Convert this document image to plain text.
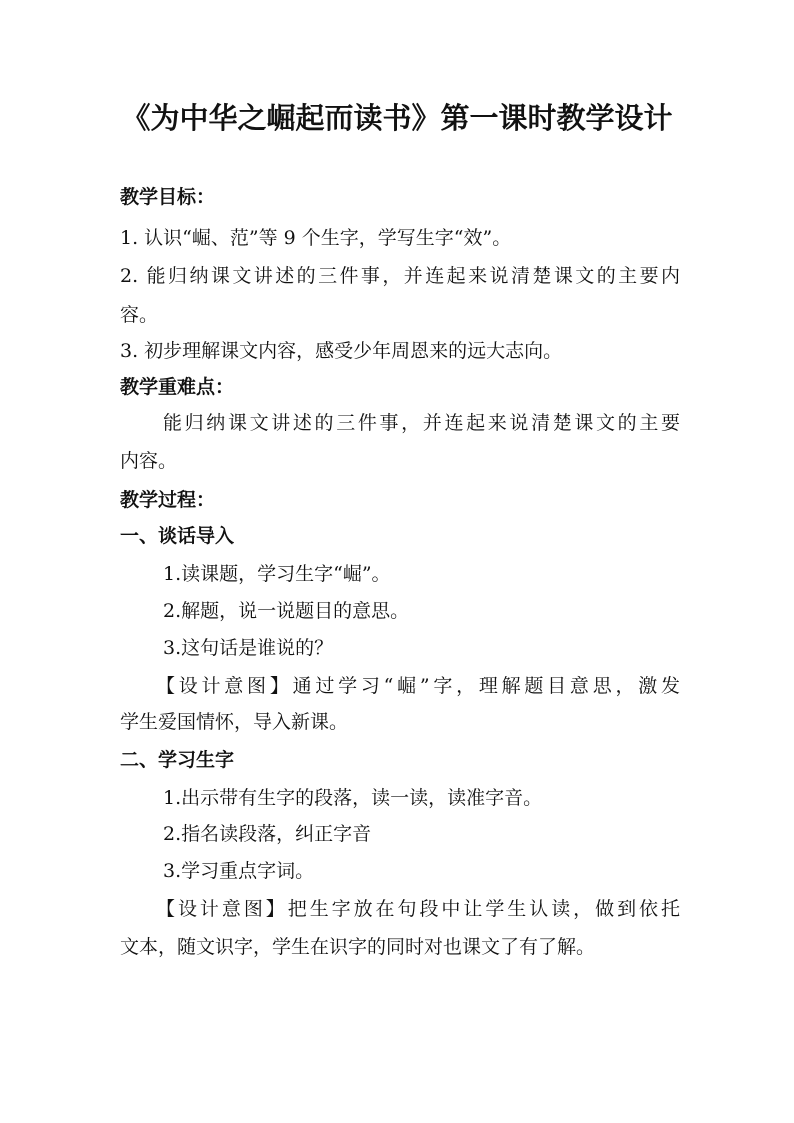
《为中华之崛起而读书》第一课时教学设计
教学目标：
1. 认识“崛、范”等 9 个生字，学写生字“效”。
2. 能归纳课文讲述的三件事，并连起来说清楚课文的主要内
容。
3. 初步理解课文内容，感受少年周恩来的远大志向。
教学重难点：
能归纳课文讲述的三件事，并连起来说清楚课文的主要
内容。
教学过程：
一、谈话导入
1.读课题，学习生字“崛”。
2.解题，说一说题目的意思。
3.这句话是谁说的？
【设计意图】通过学习“崛”字，理解题目意思，激发
学生爱国情怀，导入新课。
二、学习生字
1.出示带有生字的段落，读一读，读准字音。
2.指名读段落，纠正字音
3.学习重点字词。
【设计意图】把生字放在句段中让学生认读，做到依托
文本，随文识字，学生在识字的同时对也课文了有了解。
